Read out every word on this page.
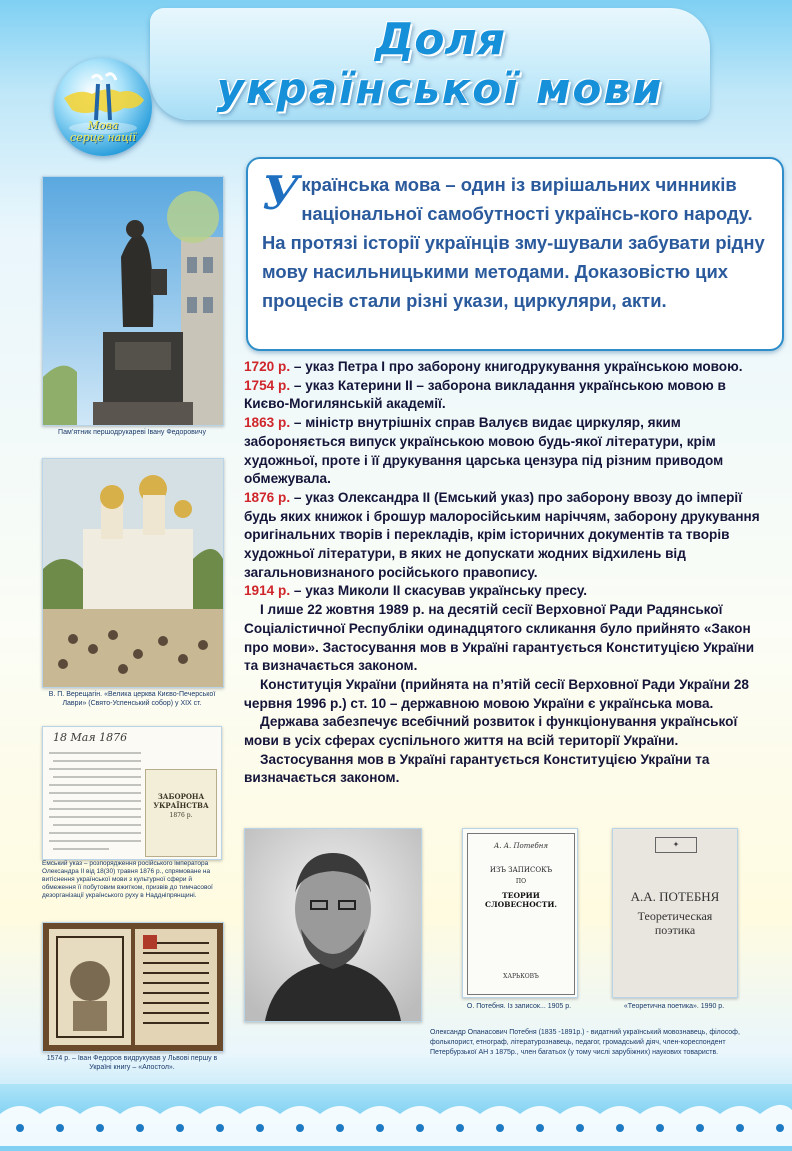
Доля
української мови
Мова
серце нації

Українська мова – один із вирішальних чинників національної самобутності українсь-кого народу. На протязі історії українців зму-шували забувати рідну мову насильницькими методами. Доказовістю цих процесів стали різні укази, циркуляри, акти.

1720 р. – указ Петра I про заборону книгодрукування українською мовою.

1754 р. – указ Катерини II – заборона викладання українською мовою в Києво-Могилянській академії.

1863 р. – міністр внутрішніх справ Валуєв видає циркуляр, яким забороняється випуск українською мовою будь-якої літератури, крім художньої, проте і її друкування царська цензура під різним приводом обмежувала.

1876 р. – указ Олександра II (Емський указ) про заборону ввозу до імперії будь яких книжок і брошур малоросійським наріччям, заборону друкування оригінальних творів і перекладів, крім історичних документів та творів художньої літератури, в яких не допускати жодних відхилень від загальновизнаного російського правопису.

1914 р. – указ Миколи II скасував українську пресу.

І лише 22 жовтня 1989 р. на десятій сесії Верховної Ради Радянської Соціалістичної Республіки одинадцятого скликання було прийнято «Закон про мови». Застосування мов в Україні гарантується Конституцією України та визначається законом.

Конституція України (прийнята на п’ятій сесії Верховної Ради України 28 червня 1996 р.) ст. 10 – державною мовою України є українська мова.

Держава забезпечує всебічний розвиток і функціонування української мови в усіх сферах суспільного життя на всій території України.

Застосування мов в Україні гарантується Конституцією України та визначається законом.

Пам’ятник першодрукареві Івану Федоровичу
В. П. Верещагін. «Велика церква Києво-Печерської Лаври» (Свято-Успенський собор) у XIX ст.
18 Мая 1876
ЗАБОРОНА УКРАЇНСТВА
1876 р.
Емський указ – розпорядження російського імператора Олександра II від 18(30) травня 1876 р., спрямоване на витіснення української мови з культурної сфери й обмеження її побутовим вжитком, призвів до тимчасової дезорганізації українського руху в Наддніпрянщині.
1574 р. – Іван Федоров видрукував у Львові першу в Україні книгу – «Апостол».
А. А. Потебня
ИЗЪ ЗАПИСОКЪ
ПО
ТЕОРИИ СЛОВЕСНОСТИ.
ХАРЬКОВЪ
О. Потебня. Із записок... 1905 р.
✦
А.А. ПОТЕБНЯ
Теоретическая поэтика
«Теоретична поетика». 1990 р.
Олександр Опанасович Потебня (1835 -1891р.) - видатний український мовознавець, філософ, фольклорист, етнограф, літературознавець, педагог, громадський діяч, член-кореспондент Петербурзької АН з 1875р., член багатьох (у тому числі зарубіжних) наукових товариств.
